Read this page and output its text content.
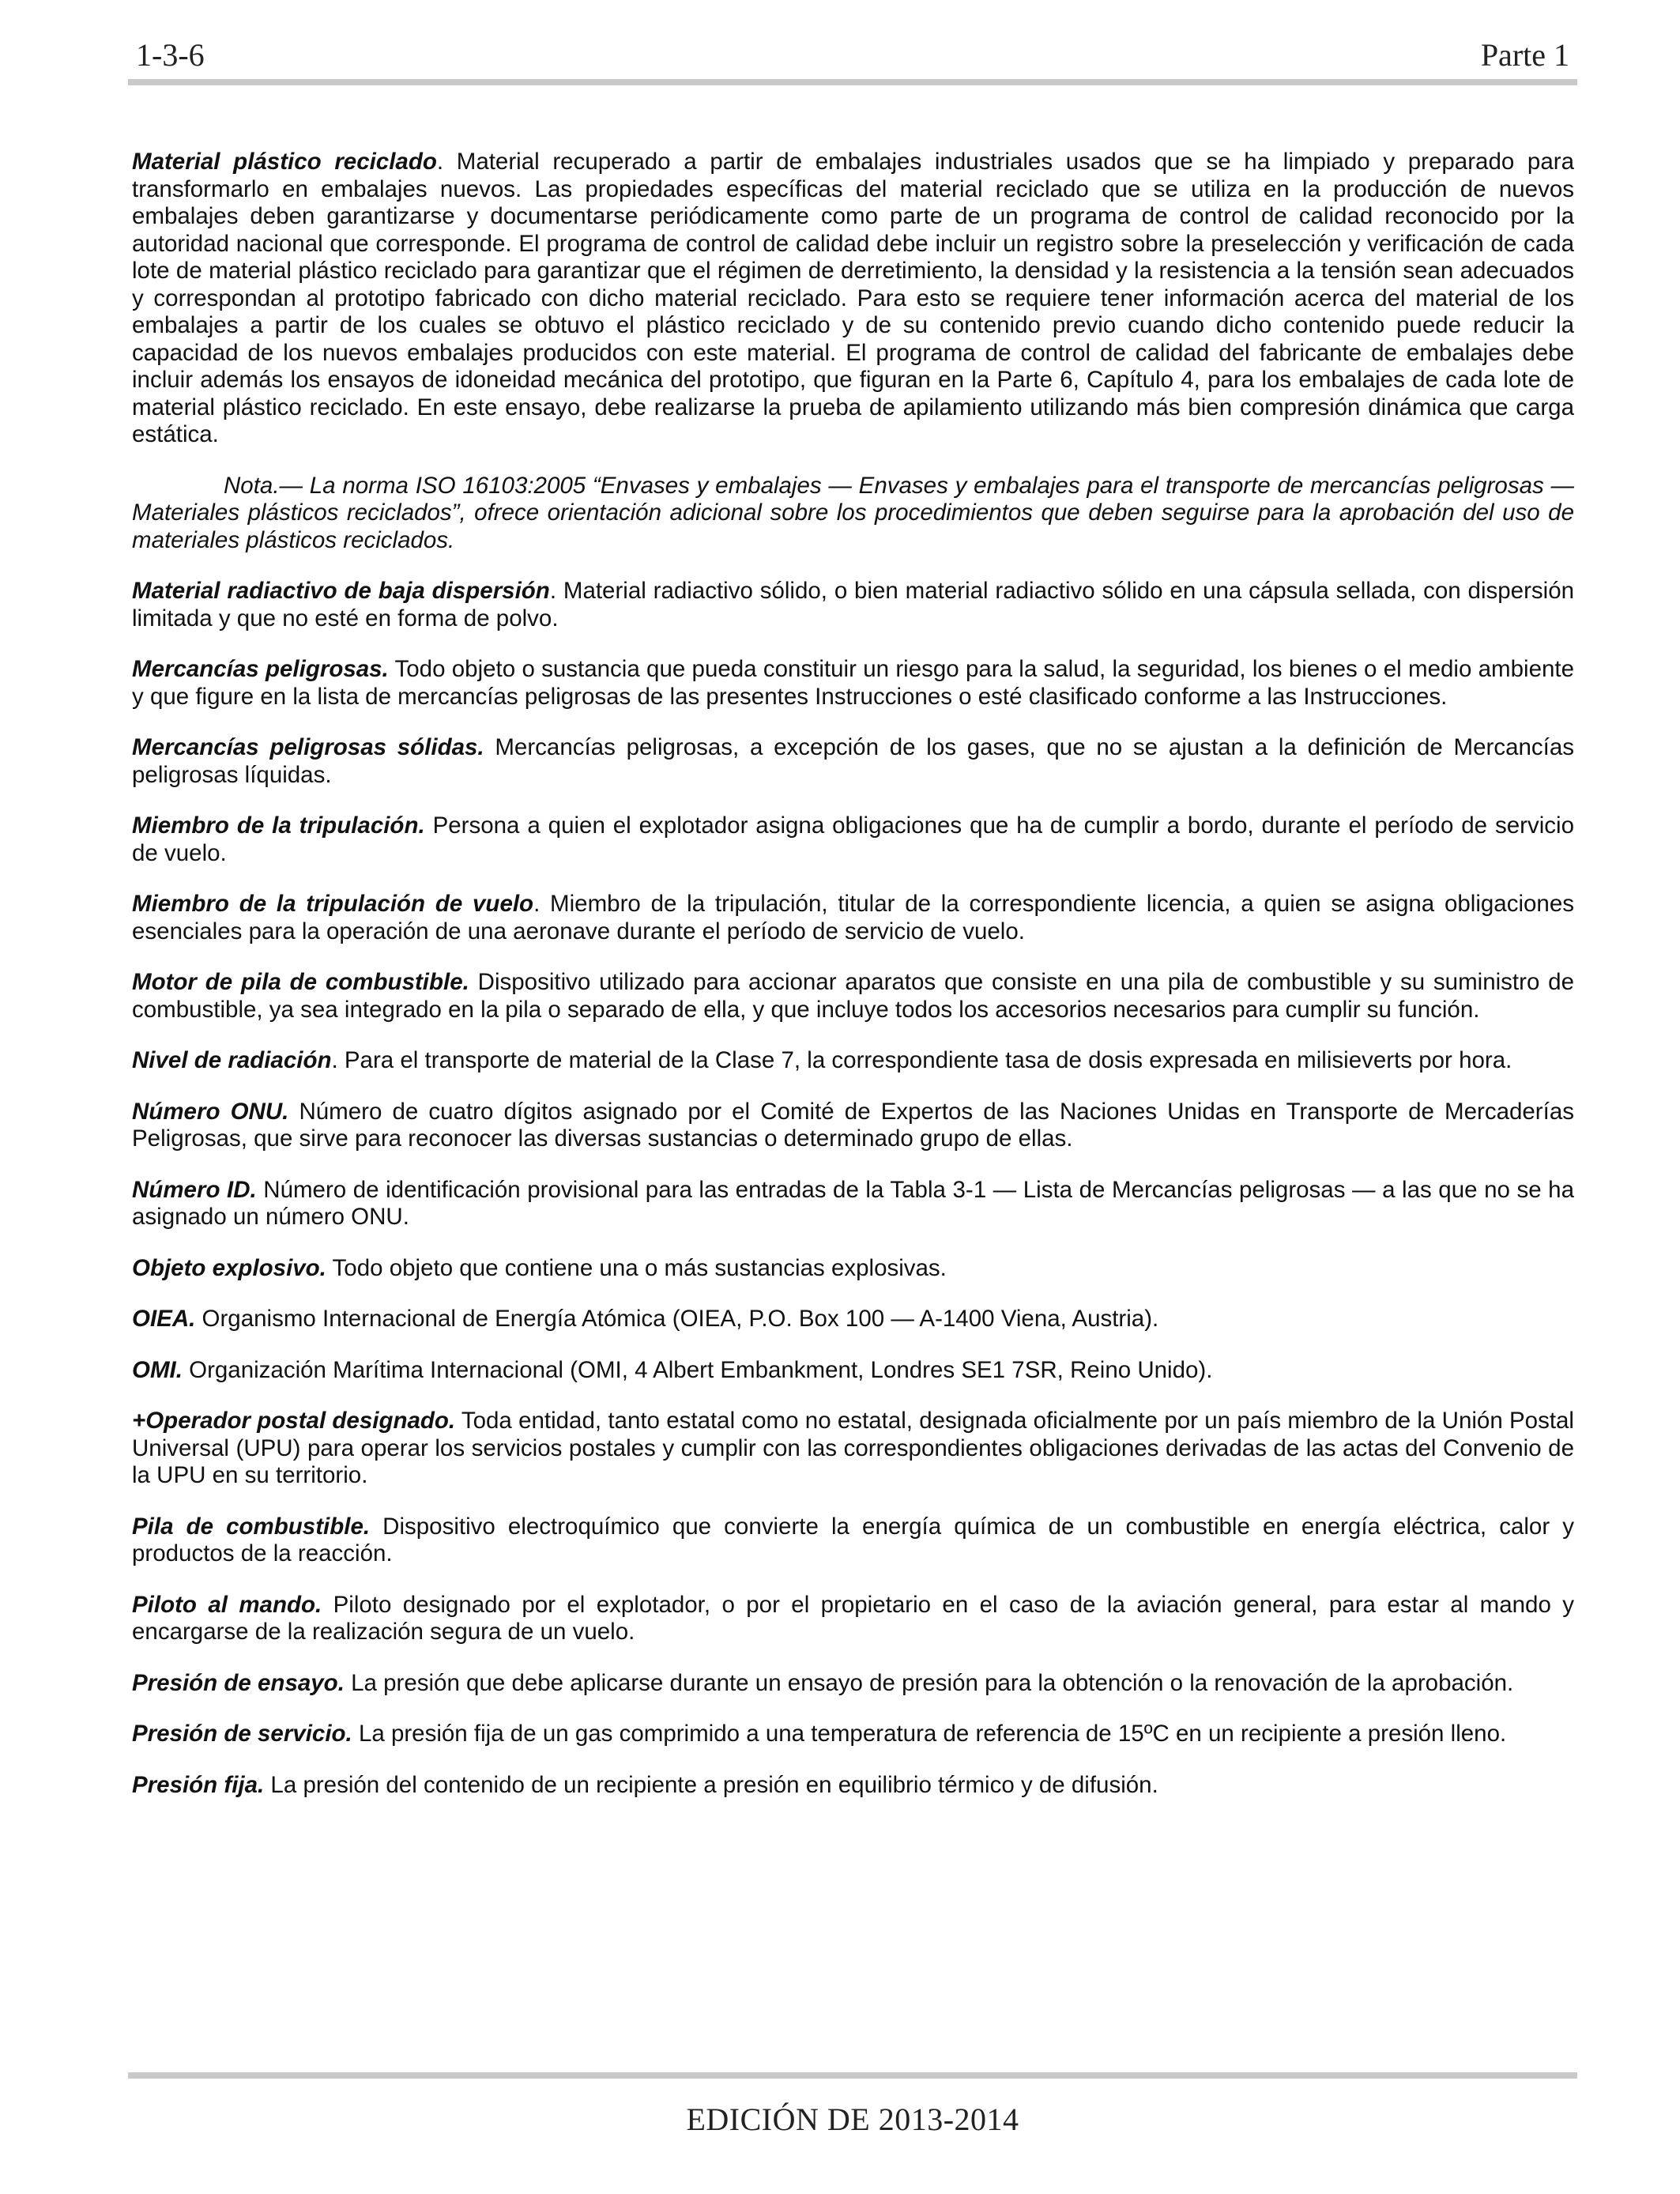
1-3-6	Parte 1

Material plástico reciclado. Material recuperado a partir de embalajes industriales usados que se ha limpiado y preparado para transformarlo en embalajes nuevos. Las propiedades específicas del material reciclado que se utiliza en la producción de nuevos embalajes deben garantizarse y documentarse periódicamente como parte de un programa de control de calidad reconocido por la autoridad nacional que corresponde. El programa de control de calidad debe incluir un registro sobre la preselección y verificación de cada lote de material plástico reciclado para garantizar que el régimen de derretimiento, la densidad y la resistencia a la tensión sean adecuados y correspondan al prototipo fabricado con dicho material reciclado. Para esto se requiere tener información acerca del material de los embalajes a partir de los cuales se obtuvo el plástico reciclado y de su contenido previo cuando dicho contenido puede reducir la capacidad de los nuevos embalajes producidos con este material. El programa de control de calidad del fabricante de embalajes debe incluir además los ensayos de idoneidad mecánica del prototipo, que figuran en la Parte 6, Capítulo 4, para los embalajes de cada lote de material plástico reciclado. En este ensayo, debe realizarse la prueba de apilamiento utilizando más bien compresión dinámica que carga estática.

Nota.— La norma ISO 16103:2005 “Envases y embalajes — Envases y embalajes para el transporte de mercancías peligrosas — Materiales plásticos reciclados”, ofrece orientación adicional sobre los procedimientos que deben seguirse para la aprobación del uso de materiales plásticos reciclados.

Material radiactivo de baja dispersión. Material radiactivo sólido, o bien material radiactivo sólido en una cápsula sellada, con dispersión limitada y que no esté en forma de polvo.

Mercancías peligrosas. Todo objeto o sustancia que pueda constituir un riesgo para la salud, la seguridad, los bienes o el medio ambiente y que figure en la lista de mercancías peligrosas de las presentes Instrucciones o esté clasificado conforme a las Instrucciones.

Mercancías peligrosas sólidas. Mercancías peligrosas, a excepción de los gases, que no se ajustan a la definición de Mercancías peligrosas líquidas.

Miembro de la tripulación. Persona a quien el explotador asigna obligaciones que ha de cumplir a bordo, durante el período de servicio de vuelo.

Miembro de la tripulación de vuelo. Miembro de la tripulación, titular de la correspondiente licencia, a quien se asigna obligaciones esenciales para la operación de una aeronave durante el período de servicio de vuelo.

Motor de pila de combustible. Dispositivo utilizado para accionar aparatos que consiste en una pila de combustible y su suministro de combustible, ya sea integrado en la pila o separado de ella, y que incluye todos los accesorios necesarios para cumplir su función.

Nivel de radiación. Para el transporte de material de la Clase 7, la correspondiente tasa de dosis expresada en milisieverts por hora.

Número ONU. Número de cuatro dígitos asignado por el Comité de Expertos de las Naciones Unidas en Transporte de Mercaderías Peligrosas, que sirve para reconocer las diversas sustancias o determinado grupo de ellas.

Número ID. Número de identificación provisional para las entradas de la Tabla 3-1 — Lista de Mercancías peligrosas — a las que no se ha asignado un número ONU.

Objeto explosivo. Todo objeto que contiene una o más sustancias explosivas.

OIEA. Organismo Internacional de Energía Atómica (OIEA, P.O. Box 100 — A-1400 Viena, Austria).

OMI. Organización Marítima Internacional (OMI, 4 Albert Embankment, Londres SE1 7SR, Reino Unido).

+Operador postal designado. Toda entidad, tanto estatal como no estatal, designada oficialmente por un país miembro de la Unión Postal Universal (UPU) para operar los servicios postales y cumplir con las correspondientes obligaciones derivadas de las actas del Convenio de la UPU en su territorio.

Pila de combustible. Dispositivo electroquímico que convierte la energía química de un combustible en energía eléctrica, calor y productos de la reacción.

Piloto al mando. Piloto designado por el explotador, o por el propietario en el caso de la aviación general, para estar al mando y encargarse de la realización segura de un vuelo.

Presión de ensayo. La presión que debe aplicarse durante un ensayo de presión para la obtención o la renovación de la aprobación.

Presión de servicio. La presión fija de un gas comprimido a una temperatura de referencia de 15ºC en un recipiente a presión lleno.

Presión fija. La presión del contenido de un recipiente a presión en equilibrio térmico y de difusión.

EDICIÓN DE 2013-2014
